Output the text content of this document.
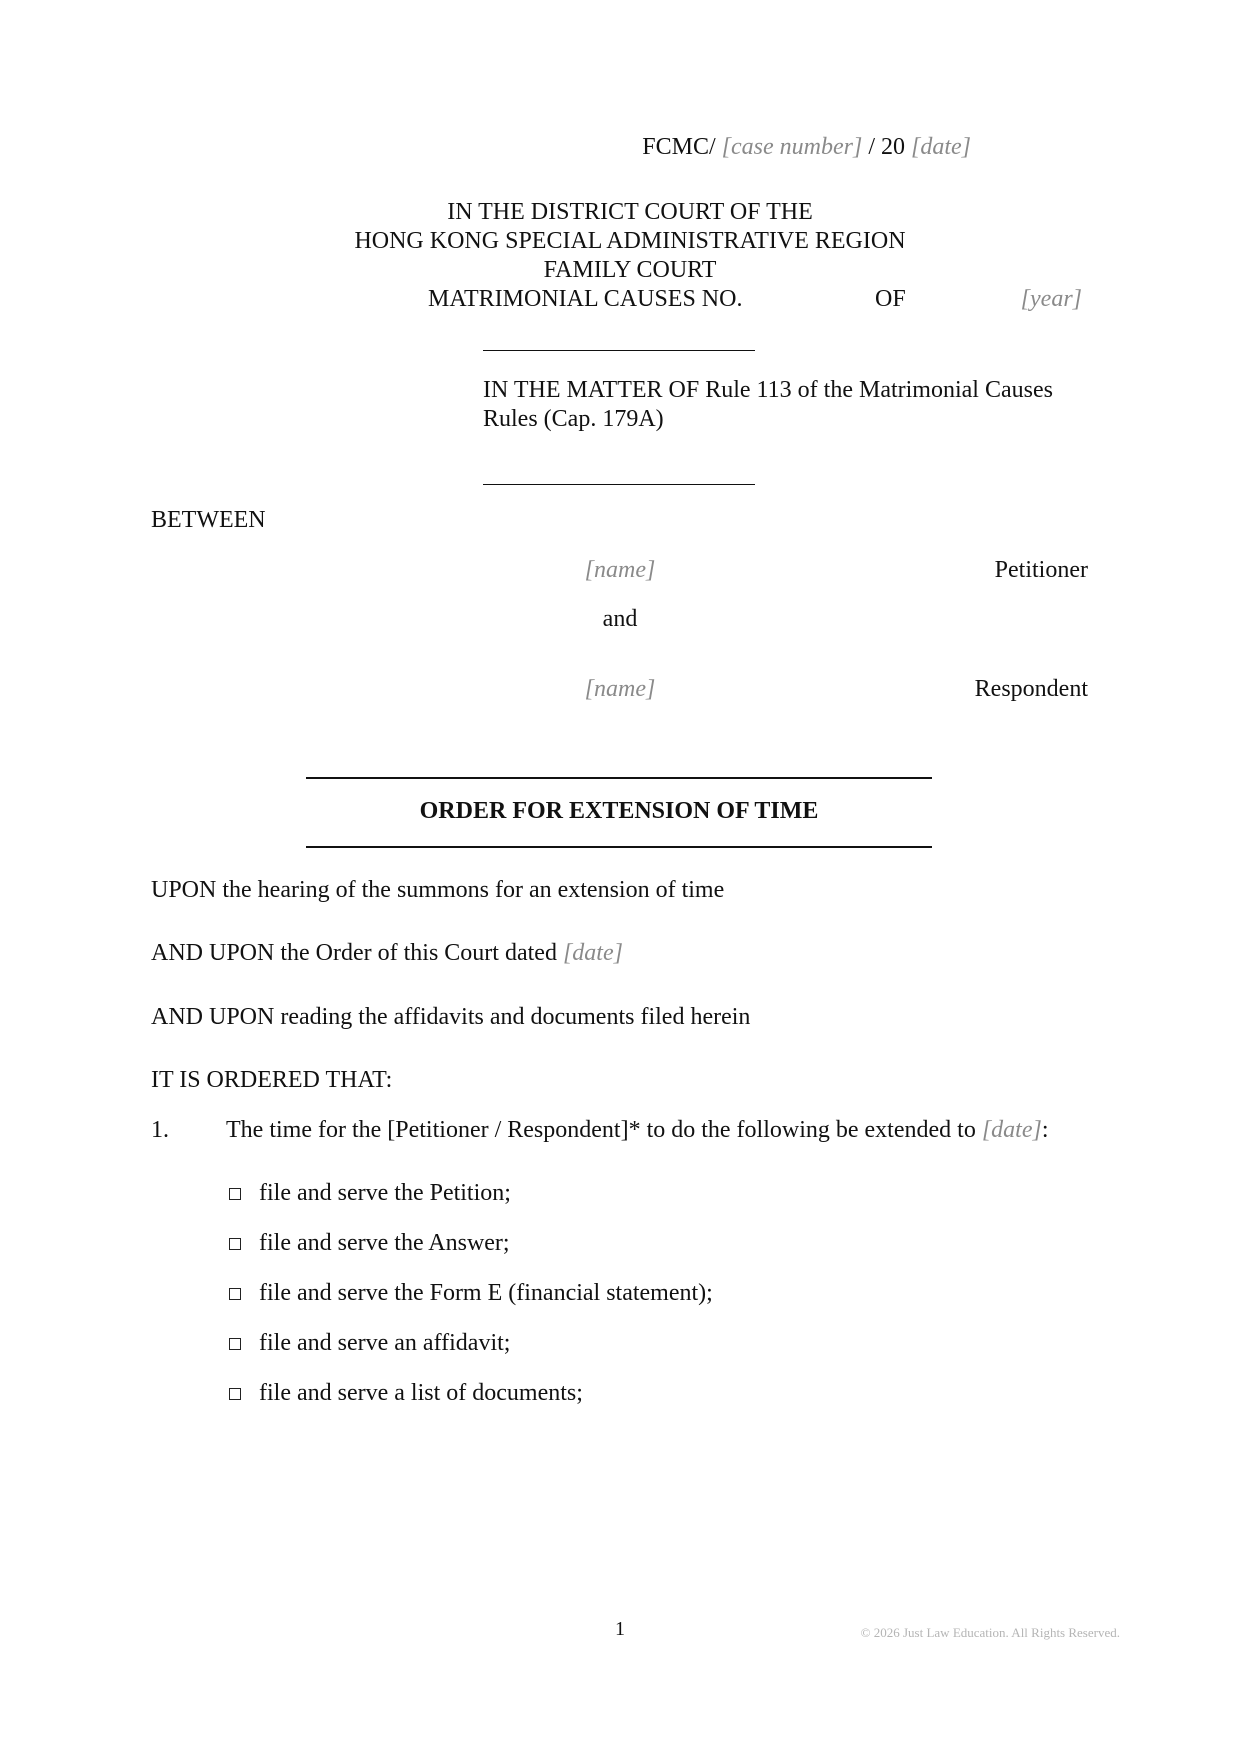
FCMC/ [case number] / 20 [date]
IN THE DISTRICT COURT OF THE
HONG KONG SPECIAL ADMINISTRATIVE REGION
FAMILY COURT
MATRIMONIAL CAUSES NO.	OF	[year]
IN THE MATTER OF Rule 113 of the Matrimonial Causes
Rules (Cap. 179A)
BETWEEN
[name]	Petitioner
and
[name]	Respondent
ORDER FOR EXTENSION OF TIME
UPON the hearing of the summons for an extension of time
AND UPON the Order of this Court dated [date]
AND UPON reading the affidavits and documents filed herein
IT IS ORDERED THAT:
1. The time for the [Petitioner / Respondent]* to do the following be extended to [date]:
file and serve the Petition;
file and serve the Answer;
file and serve the Form E (financial statement);
file and serve an affidavit;
file and serve a list of documents;
1	© 2026 Just Law Education. All Rights Reserved.
